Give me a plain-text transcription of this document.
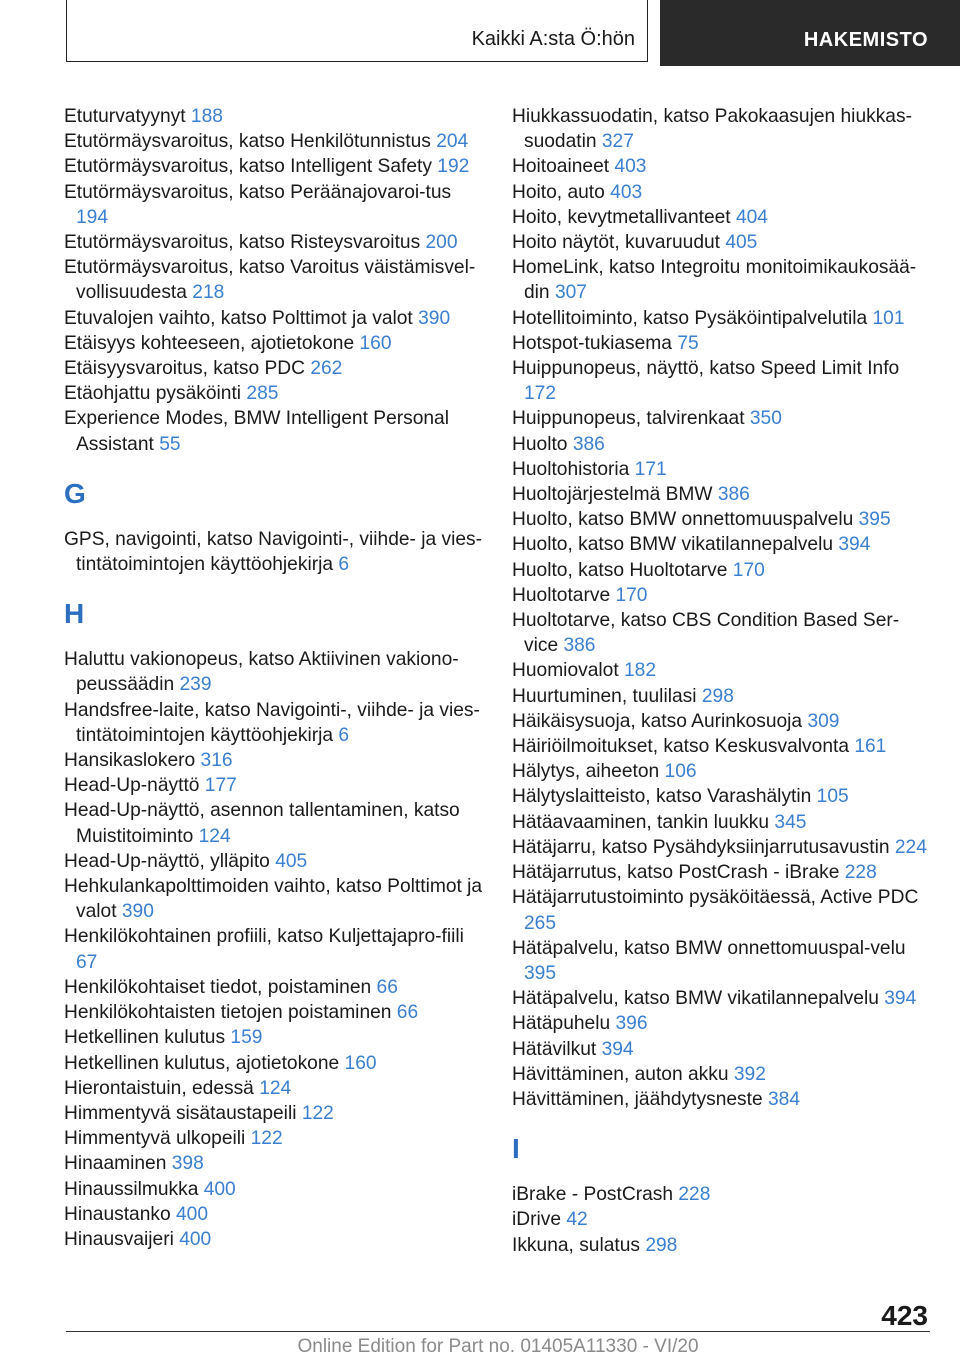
Kaikki A:sta Ö:hön	HAKEMISTO
Etuturvatyynyt 188
Etutörmäysvaroitus, katso Henkilötunnistus 204
Etutörmäysvaroitus, katso Intelligent Safety 192
Etutörmäysvaroitus, katso Peräänajovaroi-tus 194
Etutörmäysvaroitus, katso Risteysvaroitus 200
Etutörmäysvaroitus, katso Varoitus väistämisvel-vollisuudesta 218
Etuvalojen vaihto, katso Polttimot ja valot 390
Etäisyys kohteeseen, ajotietokone 160
Etäisyysvaroitus, katso PDC 262
Etäohjattu pysäköinti 285
Experience Modes, BMW Intelligent Personal Assistant 55
G
GPS, navigointi, katso Navigointi-, viihde- ja vies-tintätoimintojen käyttöohjekirja 6
H
Haluttu vakionopeus, katso Aktiivinen vakiono-peussäädin 239
Handsfree-laite, katso Navigointi-, viihde- ja vies-tintätoimintojen käyttöohjekirja 6
Hansikaslokero 316
Head-Up-näyttö 177
Head-Up-näyttö, asennon tallentaminen, katso Muistitoiminto 124
Head-Up-näyttö, ylläpito 405
Hehkulankapolttimoiden vaihto, katso Polttimot ja valot 390
Henkilökohtainen profiili, katso Kuljettajapro-fiili 67
Henkilökohtaiset tiedot, poistaminen 66
Henkilökohtaisten tietojen poistaminen 66
Hetkellinen kulutus 159
Hetkellinen kulutus, ajotietokone 160
Hierontaistuin, edessä 124
Himmentyvä sisätaustapeili 122
Himmentyvä ulkopeili 122
Hinaaminen 398
Hinaussilmukka 400
Hinaustanko 400
Hinausvaijeri 400
Hiukkassuodatin, katso Pakokaasujen hiukkas-suodatin 327
Hoitoaineet 403
Hoito, auto 403
Hoito, kevytmetallivanteet 404
Hoito näytöt, kuvaruudut 405
HomeLink, katso Integroitu monitoimikaukosää-din 307
Hotellitoiminto, katso Pysäköintipalvelutila 101
Hotspot-tukiasema 75
Huippunopeus, näyttö, katso Speed Limit Info 172
Huippunopeus, talvirenkaat 350
Huolto 386
Huoltohistoria 171
Huoltojärjestelmä BMW 386
Huolto, katso BMW onnettomuuspalvelu 395
Huolto, katso BMW vikatilannepalvelu 394
Huolto, katso Huoltotarve 170
Huoltotarve 170
Huoltotarve, katso CBS Condition Based Ser-vice 386
Huomiovalot 182
Huurtuminen, tuulilasi 298
Häikäisysuoja, katso Aurinkosuoja 309
Häiriöilmoitukset, katso Keskusvalvonta 161
Hälytys, aiheeton 106
Hälytyslaitteisto, katso Varashälytin 105
Hätäavaaminen, tankin luukku 345
Hätäjarru, katso Pysähdyksiinjarrutusavustin 224
Hätäjarrutus, katso PostCrash - iBrake 228
Hätäjarrutustoiminto pysäköitäessä, Active PDC 265
Hätäpalvelu, katso BMW onnettomuuspal-velu 395
Hätäpalvelu, katso BMW vikatilannepalvelu 394
Hätäpuhelu 396
Hätävilkut 394
Hävittäminen, auton akku 392
Hävittäminen, jäähdytysneste 384
I
iBrake - PostCrash 228
iDrive 42
Ikkuna, sulatus 298
423
Online Edition for Part no. 01405A11330 - VI/20
